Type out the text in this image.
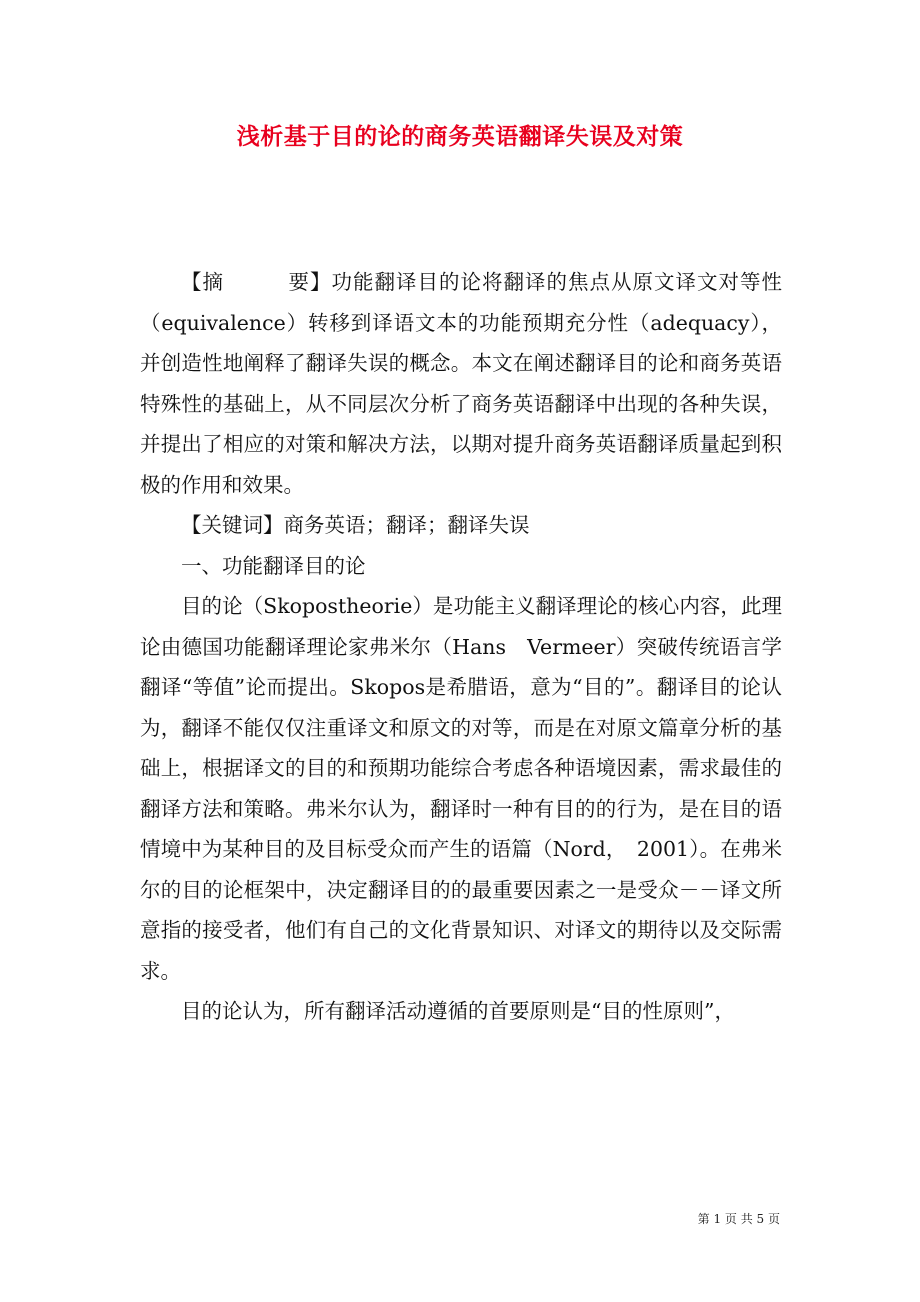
浅析基于目的论的商务英语翻译失误及对策

【摘　　　要】功能翻译目的论将翻译的焦点从原文译文对等性（equivalence）转移到译语文本的功能预期充分性（adequacy），并创造性地阐释了翻译失误的概念。本文在阐述翻译目的论和商务英语特殊性的基础上，从不同层次分析了商务英语翻译中出现的各种失误，并提出了相应的对策和解决方法，以期对提升商务英语翻译质量起到积极的作用和效果。

【关键词】商务英语；翻译；翻译失误

一、功能翻译目的论

目的论（Skopostheorie）是功能主义翻译理论的核心内容，此理论由德国功能翻译理论家弗米尔（Hans　Vermeer）突破传统语言学翻译“等值”论而提出。Skopos是希腊语，意为“目的”。翻译目的论认为，翻译不能仅仅注重译文和原文的对等，而是在对原文篇章分析的基础上，根据译文的目的和预期功能综合考虑各种语境因素，需求最佳的翻译方法和策略。弗米尔认为，翻译时一种有目的的行为，是在目的语情境中为某种目的及目标受众而产生的语篇（Nord，　2001）。在弗米尔的目的论框架中，决定翻译目的的最重要因素之一是受众－－译文所意指的接受者，他们有自己的文化背景知识、对译文的期待以及交际需求。

目的论认为，所有翻译活动遵循的首要原则是“目的性原则”，

第 1 页 共 5 页
